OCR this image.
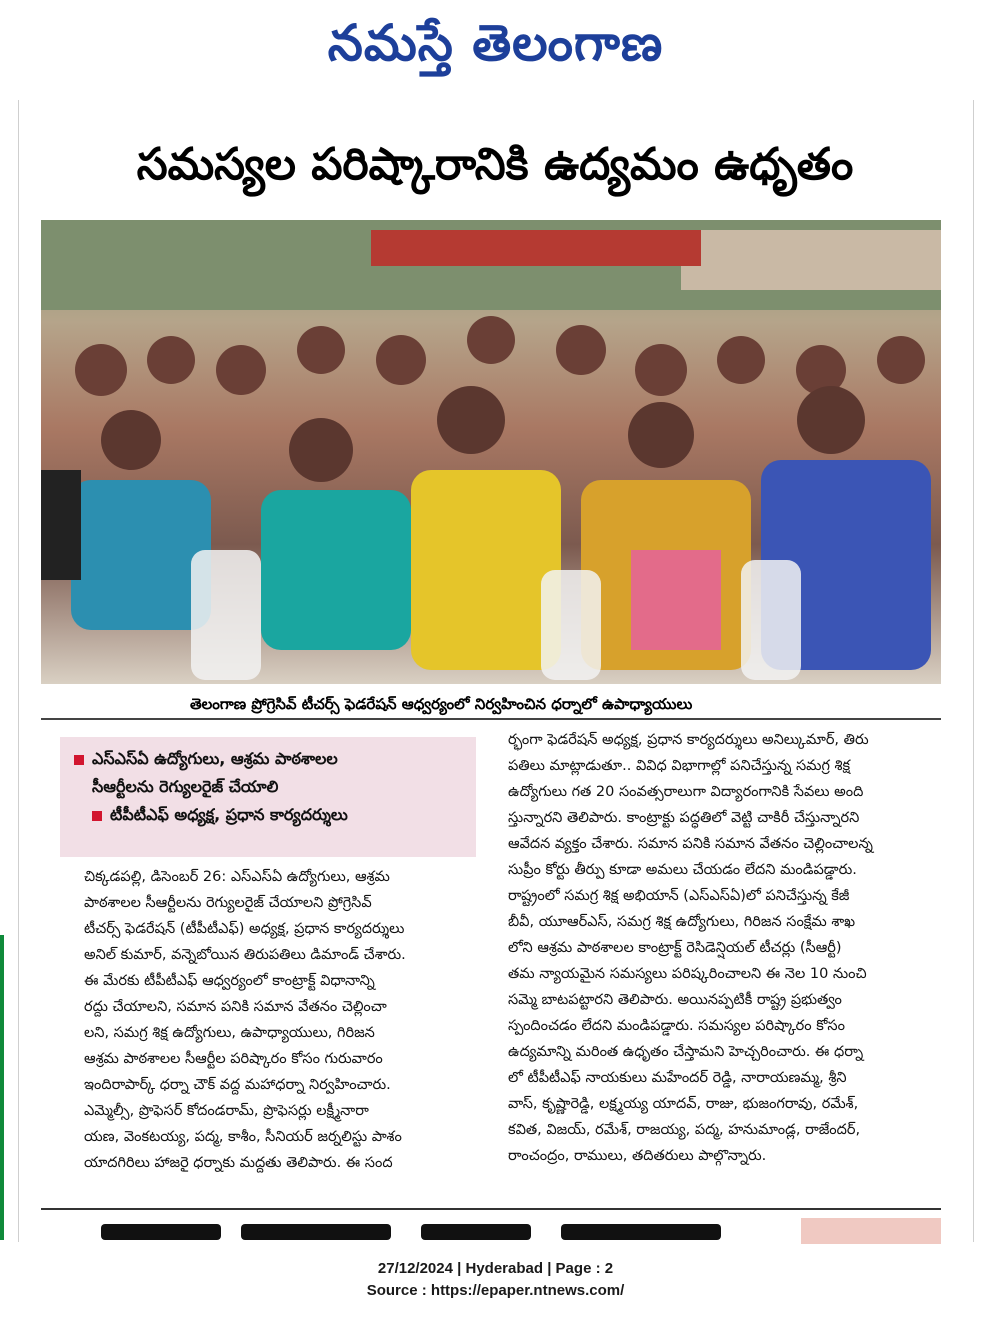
నమస్తే తెలంగాణ
సమస్యల పరిష్కారానికి ఉద్యమం ఉధృతం
తెలంగాణ ప్రోగ్రెసివ్ టీచర్స్ ఫెడరేషన్ ఆధ్వర్యంలో నిర్వహించిన ధర్నాలో ఉపాధ్యాయులు
ఎస్ఎస్ఏ ఉద్యోగులు, ఆశ్రమ పాఠశాలల
సీఆర్టీలను రెగ్యులరైజ్ చేయాలి
టీపీటీఎఫ్ అధ్యక్ష, ప్రధాన కార్యదర్శులు

చిక్కడపల్లి, డిసెంబర్ 26: ఎస్ఎస్ఏ ఉద్యోగులు, ఆశ్రమ

పాఠశాలల సీఆర్టీలను రెగ్యులరైజ్ చేయాలని ప్రోగ్రెసివ్

టీచర్స్ ఫెడరేషన్ (టీపీటీఎఫ్) అధ్యక్ష, ప్రధాన కార్యదర్శులు

అనిల్ కుమార్, వన్నెబోయిన తిరుపతిలు డిమాండ్ చేశారు.

ఈ మేరకు టీపీటీఎఫ్ ఆధ్వర్యంలో కాంట్రాక్ట్ విధానాన్ని

రద్దు చేయాలని, సమాన పనికి సమాన వేతనం చెల్లించా

లని, సమగ్ర శిక్ష ఉద్యోగులు, ఉపాధ్యాయులు, గిరిజన

ఆశ్రమ పాఠశాలల సీఆర్టీల పరిష్కారం కోసం గురువారం

ఇందిరాపార్క్ ధర్నా చౌక్ వద్ద మహాధర్నా నిర్వహించారు.

ఎమ్మెల్సీ, ప్రొఫెసర్ కోదండరామ్, ప్రొఫెసర్లు లక్ష్మీనారా

యణ, వెంకటయ్య, పద్మ, కాశీం, సీనియర్ జర్నలిస్టు పాశం

యాదగిరిలు హాజరై ధర్నాకు మద్దతు తెలిపారు. ఈ సంద

ర్భంగా ఫెడరేషన్ అధ్యక్ష, ప్రధాన కార్యదర్శులు అనిల్కుమార్, తిరు

పతిలు మాట్లాడుతూ.. వివిధ విభాగాల్లో పనిచేస్తున్న సమగ్ర శిక్ష

ఉద్యోగులు గత 20 సంవత్సరాలుగా విద్యారంగానికి సేవలు అంది

స్తున్నారని తెలిపారు. కాంట్రాక్టు పద్ధతిలో వెట్టి చాకిరీ చేస్తున్నారని

ఆవేదన వ్యక్తం చేశారు. సమాన పనికి సమాన వేతనం చెల్లించాలన్న

సుప్రీం కోర్టు తీర్పు కూడా అమలు చేయడం లేదని మండిపడ్డారు.

రాష్ట్రంలో సమగ్ర శిక్ష అభియాన్ (ఎస్ఎస్ఏ)లో పనిచేస్తున్న కేజీ

బీవీ, యూఆర్ఎస్, సమగ్ర శిక్ష ఉద్యోగులు, గిరిజన సంక్షేమ శాఖ

లోని ఆశ్రమ పాఠశాలల కాంట్రాక్ట్ రెసిడెన్షియల్ టీచర్లు (సీఆర్టీ)

తమ న్యాయమైన సమస్యలు పరిష్కరించాలని ఈ నెల 10 నుంచి

సమ్మె బాటపట్టారని తెలిపారు. అయినప్పటికీ రాష్ట్ర ప్రభుత్వం

స్పందించడం లేదని మండిపడ్డారు. సమస్యల పరిష్కారం కోసం

ఉద్యమాన్ని మరింత ఉధృతం చేస్తామని హెచ్చరించారు. ఈ ధర్నా

లో టీపీటీఎఫ్ నాయకులు మహేందర్ రెడ్డి, నారాయణమ్మ, శ్రీని

వాస్, కృష్ణారెడ్డి, లక్ష్మయ్య యాదవ్, రాజు, భుజంగరావు, రమేశ్,

కవిత, విజయ్, రమేశ్, రాజయ్య, పద్మ, హనుమాండ్ల, రాజేందర్,

రాంచంద్రం, రాములు, తదితరులు పాల్గొన్నారు.

27/12/2024 | Hyderabad | Page : 2
Source : https://epaper.ntnews.com/
